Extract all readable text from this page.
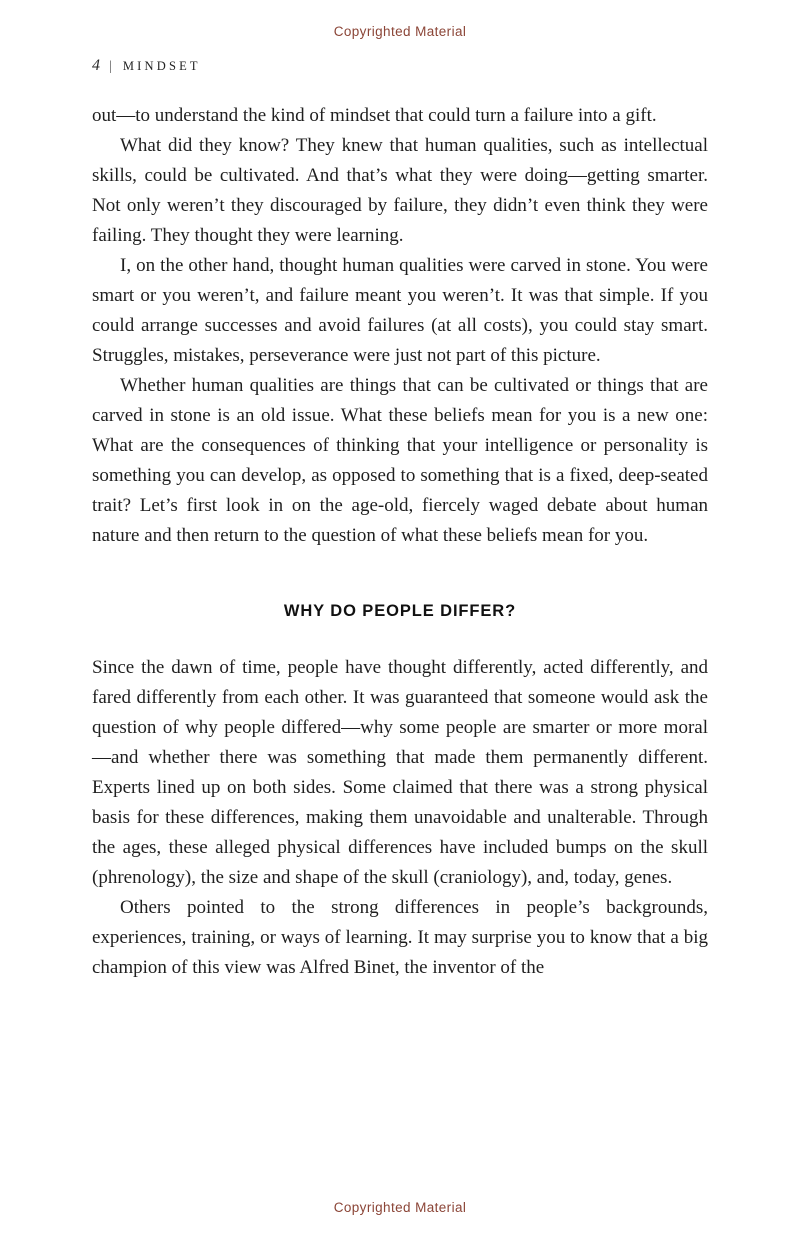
Copyrighted Material
4 | MINDSET

out—to understand the kind of mindset that could turn a failure into a gift.

What did they know? They knew that human qualities, such as intellectual skills, could be cultivated. And that’s what they were doing—getting smarter. Not only weren’t they discouraged by failure, they didn’t even think they were failing. They thought they were learning.

I, on the other hand, thought human qualities were carved in stone. You were smart or you weren’t, and failure meant you weren’t. It was that simple. If you could arrange successes and avoid failures (at all costs), you could stay smart. Struggles, mistakes, perseverance were just not part of this picture.

Whether human qualities are things that can be cultivated or things that are carved in stone is an old issue. What these beliefs mean for you is a new one: What are the consequences of thinking that your intelligence or personality is something you can develop, as opposed to something that is a fixed, deep-seated trait? Let’s first look in on the age-old, fiercely waged debate about human nature and then return to the question of what these beliefs mean for you.

WHY DO PEOPLE DIFFER?

Since the dawn of time, people have thought differently, acted differently, and fared differently from each other. It was guaranteed that someone would ask the question of why people differed—why some people are smarter or more moral—and whether there was something that made them permanently different. Experts lined up on both sides. Some claimed that there was a strong physical basis for these differences, making them unavoidable and unalterable. Through the ages, these alleged physical differences have included bumps on the skull (phrenology), the size and shape of the skull (craniology), and, today, genes.

Others pointed to the strong differences in people’s backgrounds, experiences, training, or ways of learning. It may surprise you to know that a big champion of this view was Alfred Binet, the inventor of the

Copyrighted Material
